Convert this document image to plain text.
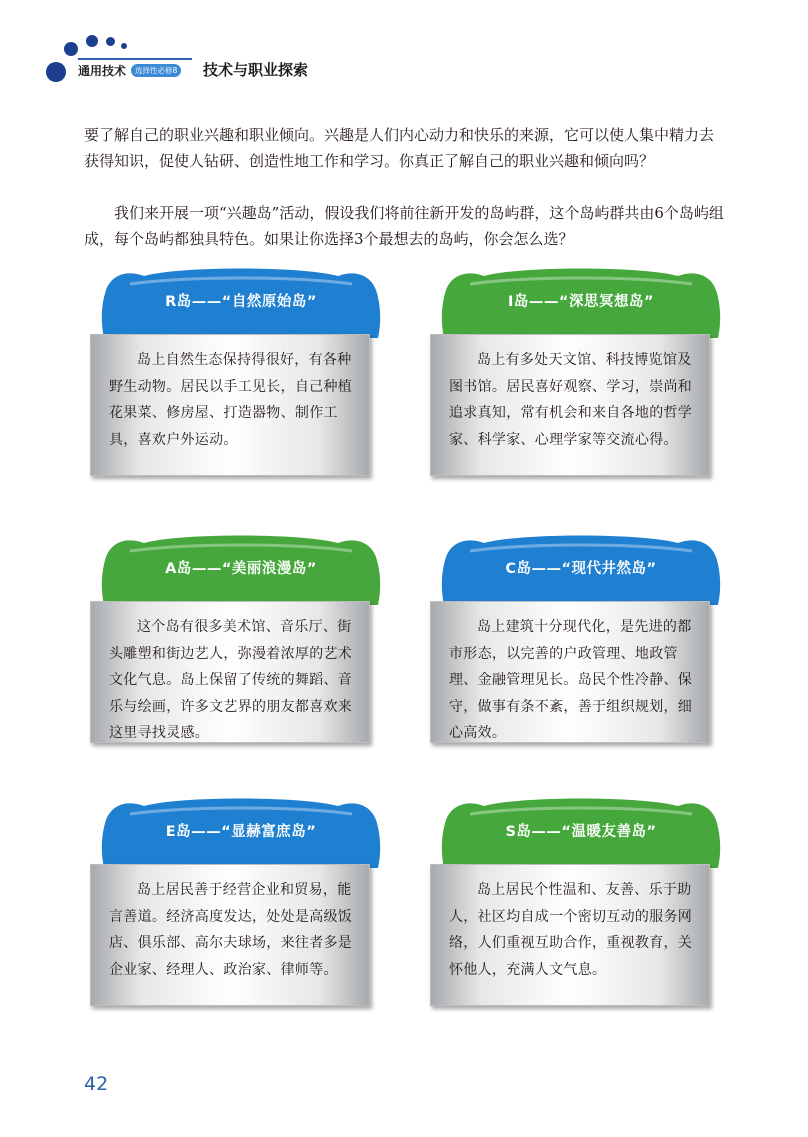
通用技术	选择性必修8 技术与职业探索

要了解自己的职业兴趣和职业倾向。兴趣是人们内心动力和快乐的来源，它可以使人集中精力去获得知识，促使人钻研、创造性地工作和学习。你真正了解自己的职业兴趣和倾向吗？

我们来开展一项“兴趣岛”活动，假设我们将前往新开发的岛屿群，这个岛屿群共由6个岛屿组成，每个岛屿都独具特色。如果让你选择3个最想去的岛屿，你会怎么选？

R岛——“自然原始岛”

岛上自然生态保持得很好，有各种野生动物。居民以手工见长，自己种植花果菜、修房屋、打造器物、制作工具，喜欢户外运动。

I岛——“深思冥想岛”

岛上有多处天文馆、科技博览馆及图书馆。居民喜好观察、学习，崇尚和追求真知，常有机会和来自各地的哲学家、科学家、心理学家等交流心得。

A岛——“美丽浪漫岛”

这个岛有很多美术馆、音乐厅、街头雕塑和街边艺人，弥漫着浓厚的艺术文化气息。岛上保留了传统的舞蹈、音乐与绘画，许多文艺界的朋友都喜欢来这里寻找灵感。

C岛——“现代井然岛”

岛上建筑十分现代化，是先进的都市形态，以完善的户政管理、地政管理、金融管理见长。岛民个性冷静、保守，做事有条不紊，善于组织规划，细心高效。

E岛——“显赫富庶岛”

岛上居民善于经营企业和贸易，能言善道。经济高度发达，处处是高级饭店、俱乐部、高尔夫球场，来往者多是企业家、经理人、政治家、律师等。

S岛——“温暖友善岛”

岛上居民个性温和、友善、乐于助人，社区均自成一个密切互动的服务网络，人们重视互助合作，重视教育，关怀他人，充满人文气息。

42
